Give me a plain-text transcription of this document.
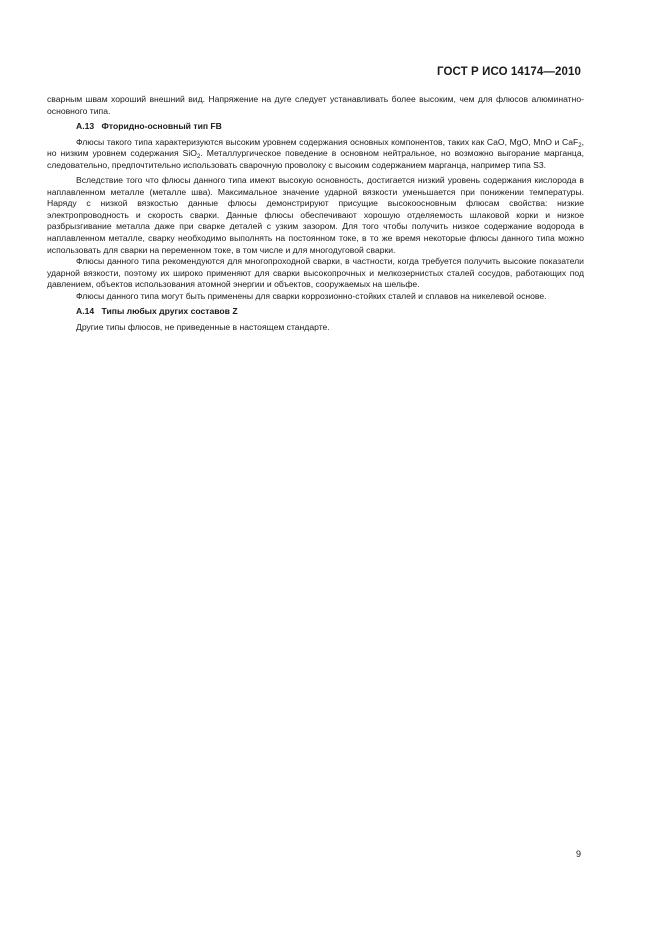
ГОСТ Р ИСО 14174—2010

сварным швам хороший внешний вид. Напряжение на дуге следует устанавливать более высоким, чем для флюсов алюминатно-основного типа.

А.13 Фторидно-основный тип FB

Флюсы такого типа характеризуются высоким уровнем содержания основных компонентов, таких как CaO, MgO, MnO и CaF$_2$, но низким уровнем содержания SiO$_2$. Металлургическое поведение в основном нейтральное, но возможно выгорание марганца, следовательно, предпочтительно использовать сварочную проволоку с высоким содержанием марганца, например типа S3.

Вследствие того что флюсы данного типа имеют высокую основность, достигается низкий уровень содержания кислорода в наплавленном металле (металле шва). Максимальное значение ударной вязкости уменьшается при понижении температуры. Наряду с низкой вязкостью данные флюсы демонстрируют присущие высокоосновным флюсам свойства: низкие электропроводность и скорость сварки. Данные флюсы обеспечивают хорошую отделяемость шлаковой корки и низкое разбрызгивание металла даже при сварке деталей с узким зазором. Для того чтобы получить низкое содержание водорода в наплавленном металле, сварку необходимо выполнять на постоянном токе, в то же время некоторые флюсы данного типа можно использовать для сварки на переменном токе, в том числе и для многодуговой сварки.

Флюсы данного типа рекомендуются для многопроходной сварки, в частности, когда требуется получить высокие показатели ударной вязкости, поэтому их широко применяют для сварки высокопрочных и мелкозернистых сталей сосудов, работающих под давлением, объектов использования атомной энергии и объектов, сооружаемых на шельфе.

Флюсы данного типа могут быть применены для сварки коррозионно-стойких сталей и сплавов на никелевой основе.

А.14 Типы любых других составов Z

Другие типы флюсов, не приведенные в настоящем стандарте.

9
